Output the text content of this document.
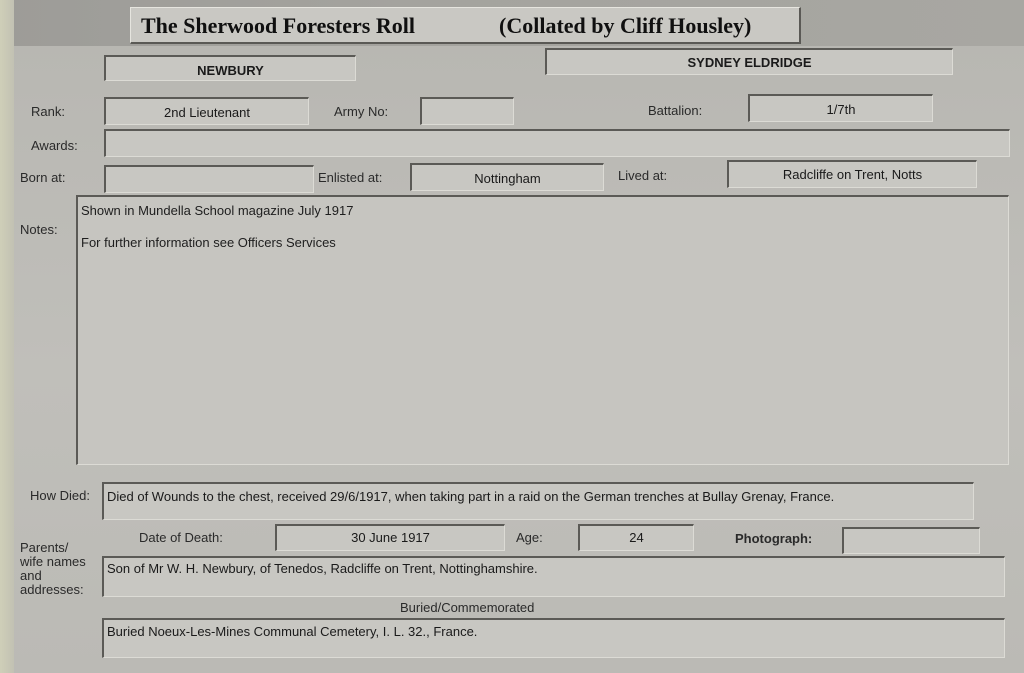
The Sherwood Foresters Roll	(Collated by Cliff Housley)
NEWBURY
SYDNEY ELDRIDGE
Rank:	2nd Lieutenant	Army No:	Battalion:	1/7th
Awards:
Born at:	Enlisted at:	Nottingham	Lived at:	Radcliffe on Trent, Notts
Notes:
Shown in Mundella School magazine July 1917
For further information see Officers Services
How Died:	Died of Wounds to the chest, received 29/6/1917, when taking part in a raid on the German trenches at Bullay Grenay, France.
Date of Death:	30 June 1917	Age:	24	Photograph:
Parents/
wife names
and
addresses:
Son of Mr W. H. Newbury, of Tenedos, Radcliffe on Trent, Nottinghamshire.
Buried/Commemorated
Buried Noeux-Les-Mines Communal Cemetery, I. L. 32., France.
